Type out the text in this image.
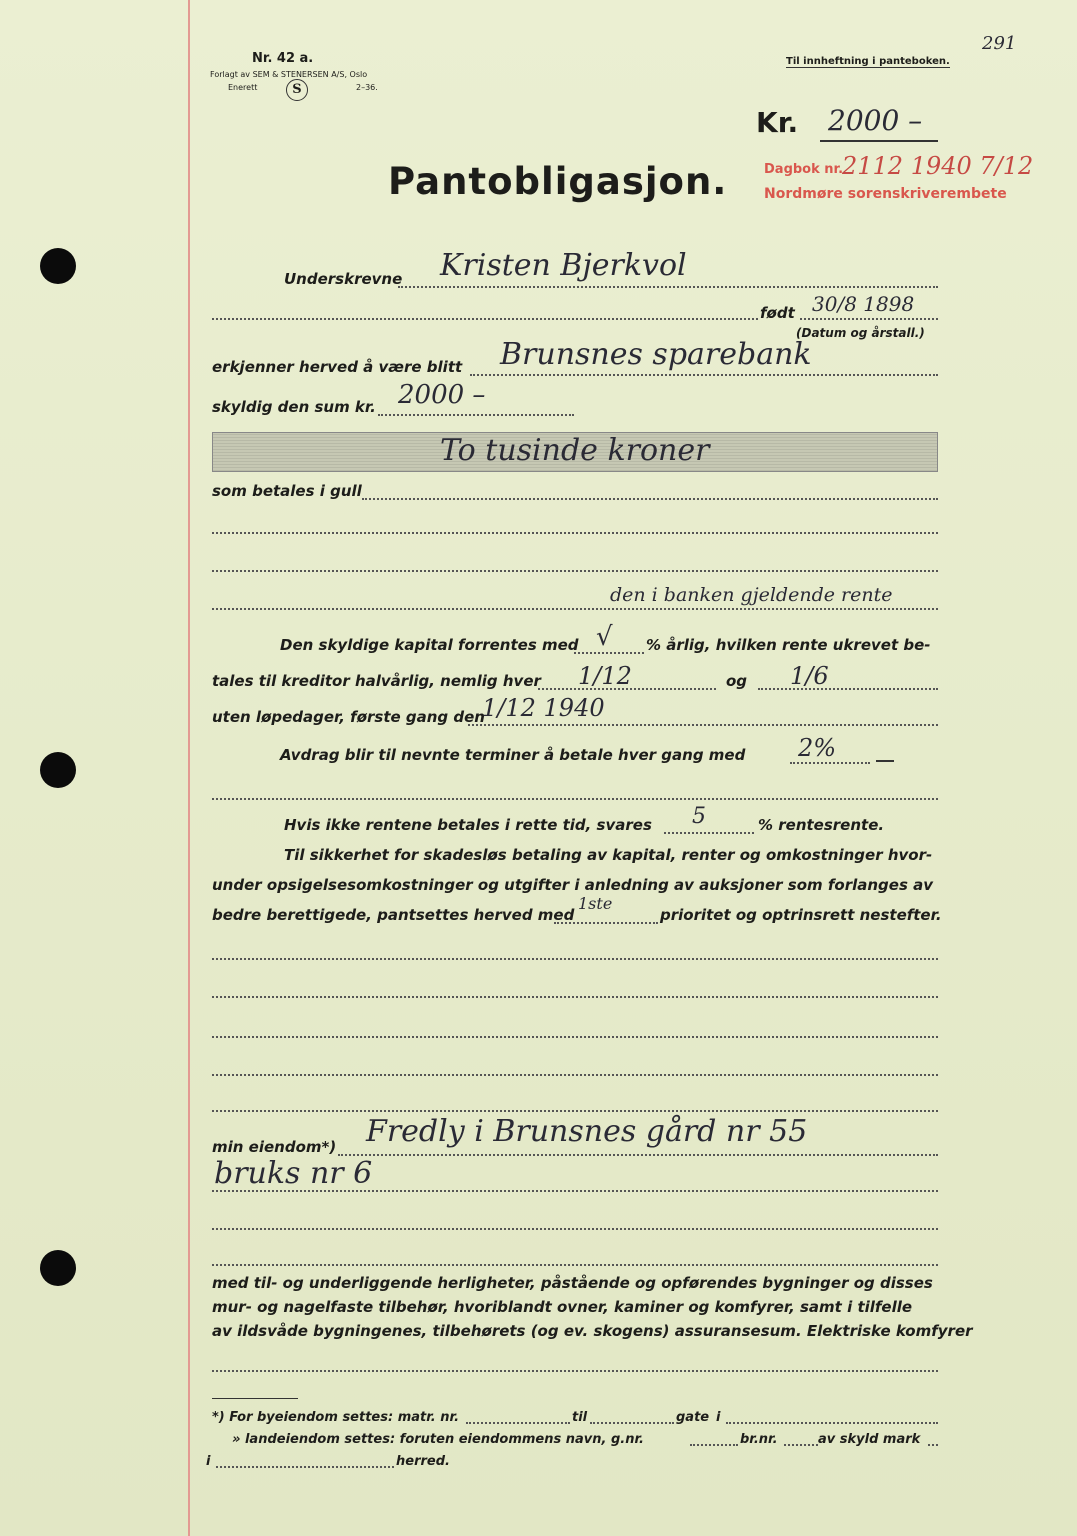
Nr. 42 a.
Forlagt av SEM & STENERSEN A/S, Oslo
Enerett	2–36.
S
Til innheftning i panteboken.
291
Kr. 2000 –
Dagbok nr.
2112 1940 7/12
Nordmøre sorenskriverembete
Pantobligasjon.
Underskrevne Kristen Bjerkvol
født 30/8 1898
(Datum og årstall.)
erkjenner herved å være blitt Brunsnes sparebank
skyldig den sum kr. 2000 –
To tusinde kroner
som betales i gull
den i banken gjeldende rente
Den skyldige kapital forrentes med √ % årlig, hvilken rente ukrevet be-
tales til kreditor halvårlig, nemlig hver 1/12	og 1/6
uten løpedager, første gang den
1/12 1940
Avdrag blir til nevnte terminer å betale hver gang med 2%
Hvis ikke rentene betales i rette tid, svares 5	% rentesrente.
Til sikkerhet for skadesløs betaling av kapital, renter og omkostninger hvor-
under opsigelsesomkostninger og utgifter i anledning av auksjoner som forlanges av
bedre berettigede, pantsettes herved med
1ste
prioritet og optrinsrett nestefter.
min eiendom*) Fredly i Brunsnes gård nr 55
bruks nr 6
med til- og underliggende herligheter, påstående og opførendes bygninger og disses
mur- og nagelfaste tilbehør, hvoriblandt ovner, kaminer og komfyrer, samt i tilfelle
av ildsvåde bygningenes, tilbehørets (og ev. skogens) assuransesum. Elektriske komfyrer
*) For byeiendom settes: matr. nr.	til	gate i
» landeiendom settes: foruten eiendommens navn, g.nr.	br.nr.	av skyld mark
i	herred.
